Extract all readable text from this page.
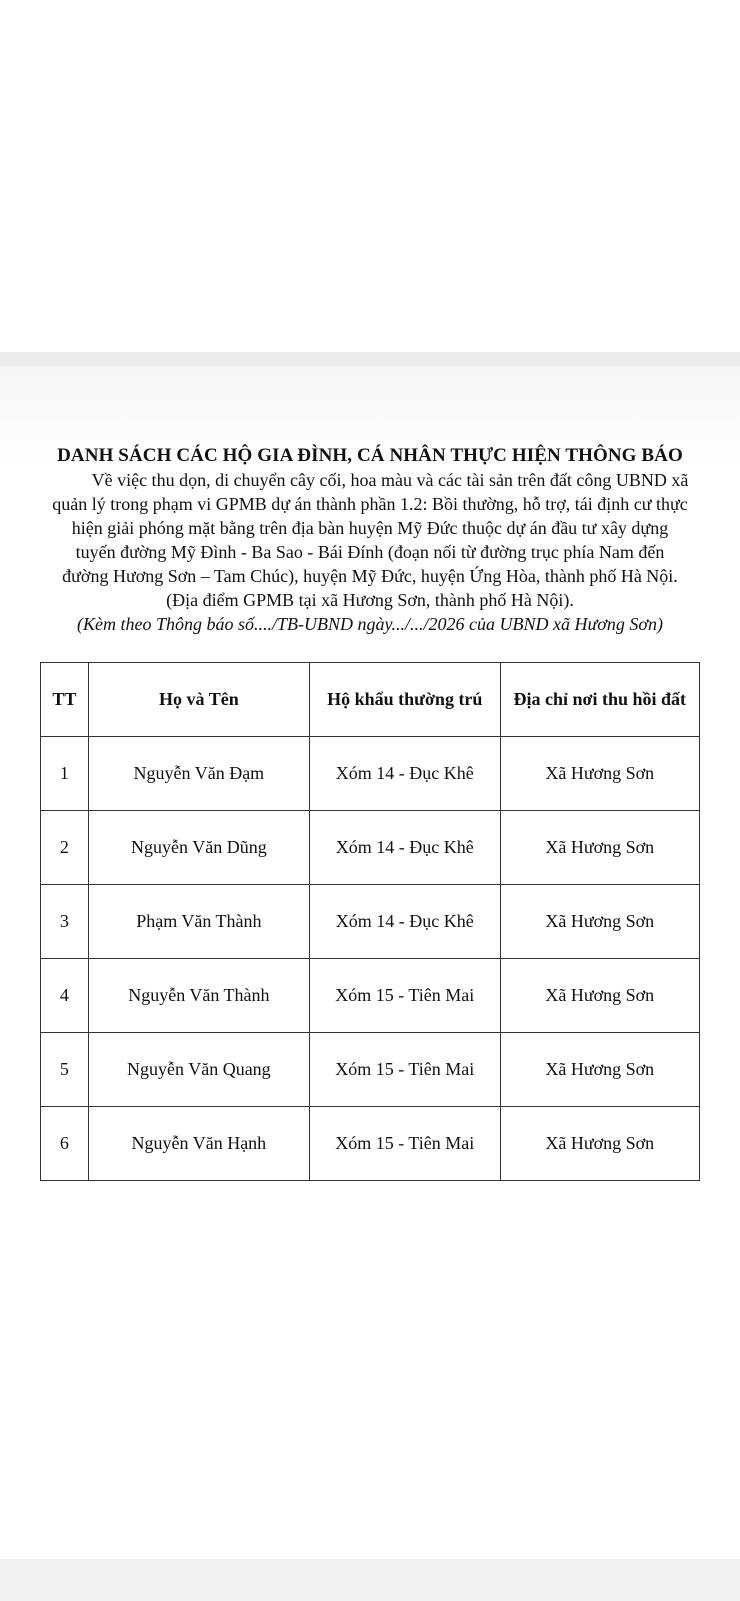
DANH SÁCH CÁC HỘ GIA ĐÌNH, CÁ NHÂN THỰC HIỆN THÔNG BÁO

Về việc thu dọn, di chuyển cây cối, hoa màu và các tài sản trên đất công UBND xã
quản lý trong phạm vi GPMB dự án thành phần 1.2: Bồi thường, hỗ trợ, tái định cư thực
hiện giải phóng mặt bằng trên địa bàn huyện Mỹ Đức thuộc dự án đầu tư xây dựng
tuyến đường Mỹ Đình - Ba Sao - Bái Đính (đoạn nối từ đường trục phía Nam đến
đường Hương Sơn – Tam Chúc), huyện Mỹ Đức, huyện Ứng Hòa, thành phố Hà Nội.
(Địa điểm GPMB tại xã Hương Sơn, thành phố Hà Nội).

(Kèm theo Thông báo số..../TB-UBND ngày.../.../2026 của UBND xã Hương Sơn)

TT	Họ và Tên	Hộ khẩu thường trú	Địa chỉ nơi thu hồi đất
1	Nguyễn Văn Đạm	Xóm 14 - Đục Khê	Xã Hương Sơn
2	Nguyễn Văn Dũng	Xóm 14 - Đục Khê	Xã Hương Sơn
3	Phạm Văn Thành	Xóm 14 - Đục Khê	Xã Hương Sơn
4	Nguyễn Văn Thành	Xóm 15 - Tiên Mai	Xã Hương Sơn
5	Nguyễn Văn Quang	Xóm 15 - Tiên Mai	Xã Hương Sơn
6	Nguyễn Văn Hạnh	Xóm 15 - Tiên Mai	Xã Hương Sơn
